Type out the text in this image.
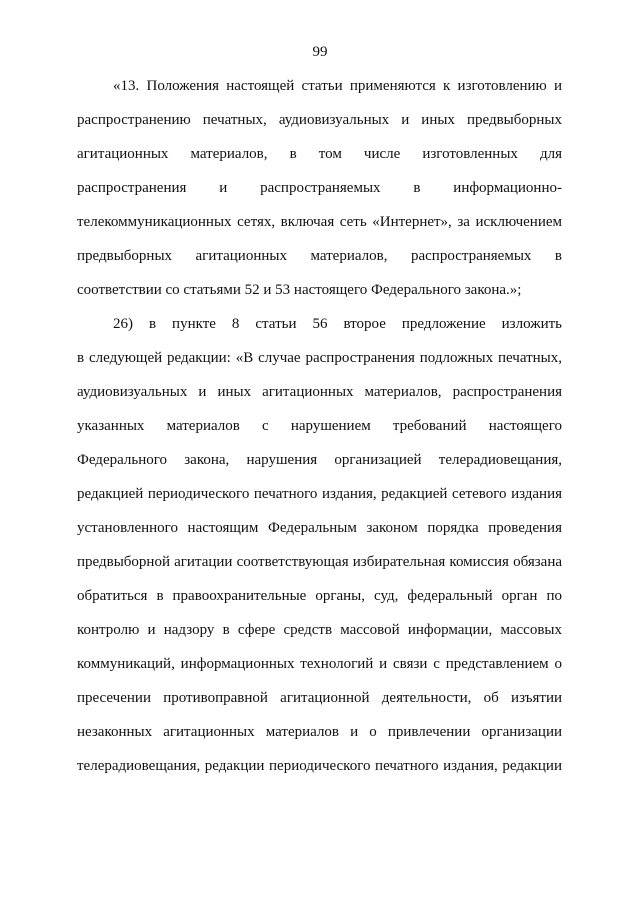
99
«13. Положения настоящей статьи применяются к изготовлению и
распространению печатных, аудиовизуальных и иных предвыборных
агитационных материалов, в том числе изготовленных для
распространения и распространяемых в информационно-
телекоммуникационных сетях, включая сеть «Интернет», за исключением
предвыборных агитационных материалов, распространяемых в
соответствии со статьями 52 и 53 настоящего Федерального закона.»;
26) в пункте 8 статьи 56 второе предложение изложить
в следующей редакции: «В случае распространения подложных печатных,
аудиовизуальных и иных агитационных материалов, распространения
указанных материалов с нарушением требований настоящего
Федерального закона, нарушения организацией телерадиовещания,
редакцией периодического печатного издания, редакцией сетевого издания
установленного настоящим Федеральным законом порядка проведения
предвыборной агитации соответствующая избирательная комиссия обязана
обратиться в правоохранительные органы, суд, федеральный орган по
контролю и надзору в сфере средств массовой информации, массовых
коммуникаций, информационных технологий и связи с представлением о
пресечении противоправной агитационной деятельности, об изъятии
незаконных агитационных материалов и о привлечении организации
телерадиовещания, редакции периодического печатного издания, редакции
